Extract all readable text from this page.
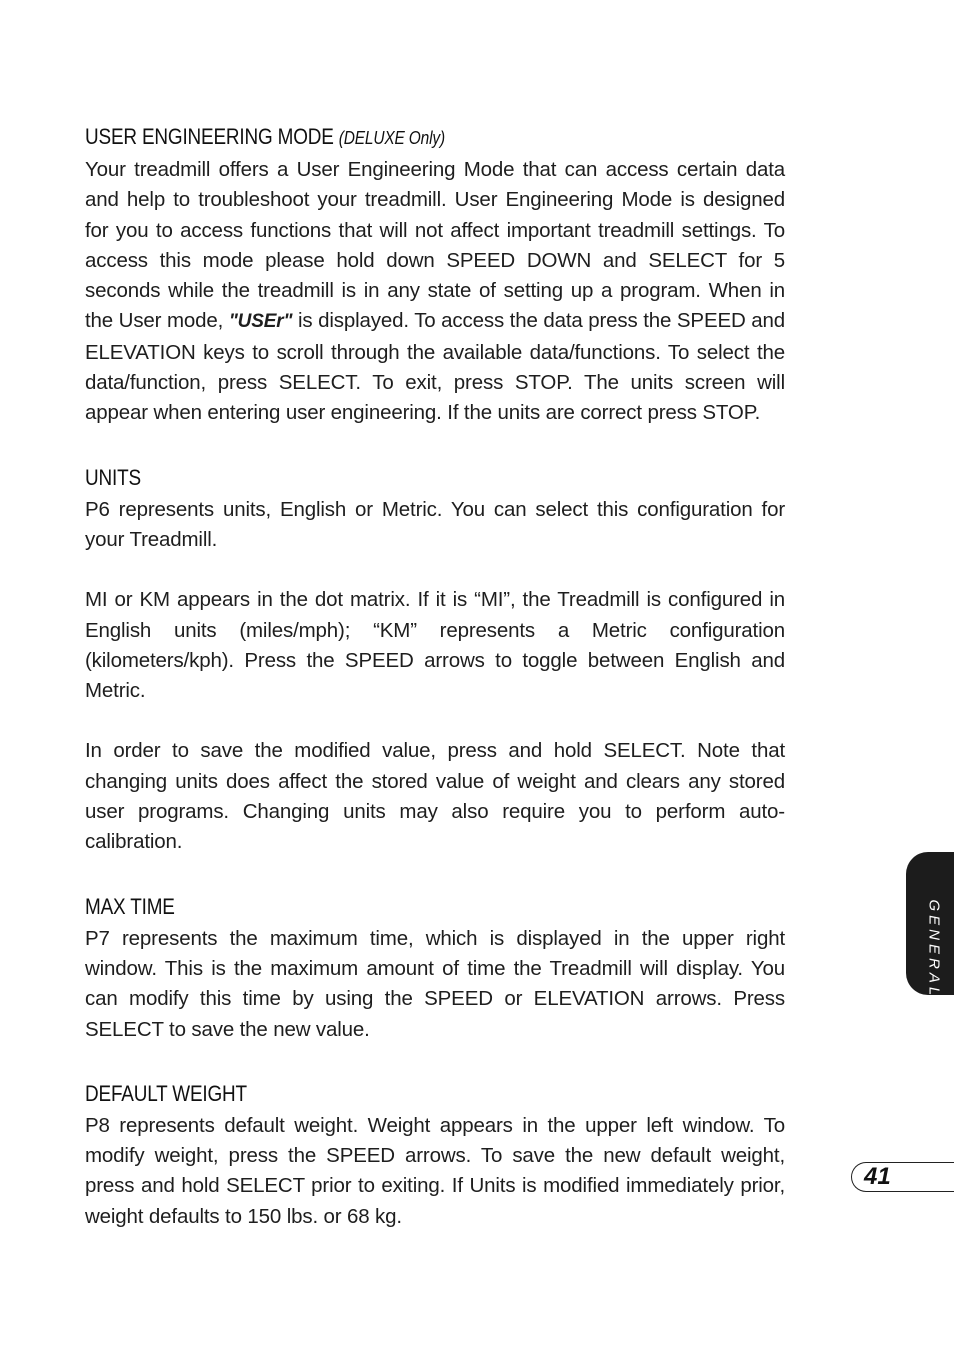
USER ENGINEERING MODE (DELUXE Only)

Your treadmill offers a User Engineering Mode that can access certain data and help to troubleshoot your treadmill. User Engineering Mode is designed for you to access functions that will not affect important treadmill settings. To access this mode please hold down SPEED DOWN and SELECT for 5 seconds while the treadmill is in any state of setting up a program. When in the User mode, "USEr" is displayed. To access the data press the SPEED and ELEVATION keys to scroll through the available data/functions. To select the data/function, press SELECT. To exit, press STOP. The units screen will appear when entering user engineering. If the units are correct press STOP.

UNITS

P6 represents units, English or Metric. You can select this configuration for your Treadmill.

MI or KM appears in the dot matrix. If it is “MI”, the Treadmill is configured in English units (miles/mph); “KM” represents a Metric configuration (kilometers/kph). Press the SPEED arrows to toggle between English and Metric.

In order to save the modified value, press and hold SELECT. Note that changing units does affect the stored value of weight and clears any stored user programs. Changing units may also require you to perform auto-calibration.

MAX TIME

P7 represents the maximum time, which is displayed in the upper right window. This is the maximum amount of time the Treadmill will display. You can modify this time by using the SPEED or ELEVATION arrows. Press SELECT to save the new value.

DEFAULT WEIGHT

P8 represents default weight. Weight appears in the upper left window. To modify weight, press the SPEED arrows. To save the new default weight, press and hold SELECT prior to exiting. If Units is modified immediately prior, weight defaults to 150 lbs. or 68 kg.

GENERAL
41
